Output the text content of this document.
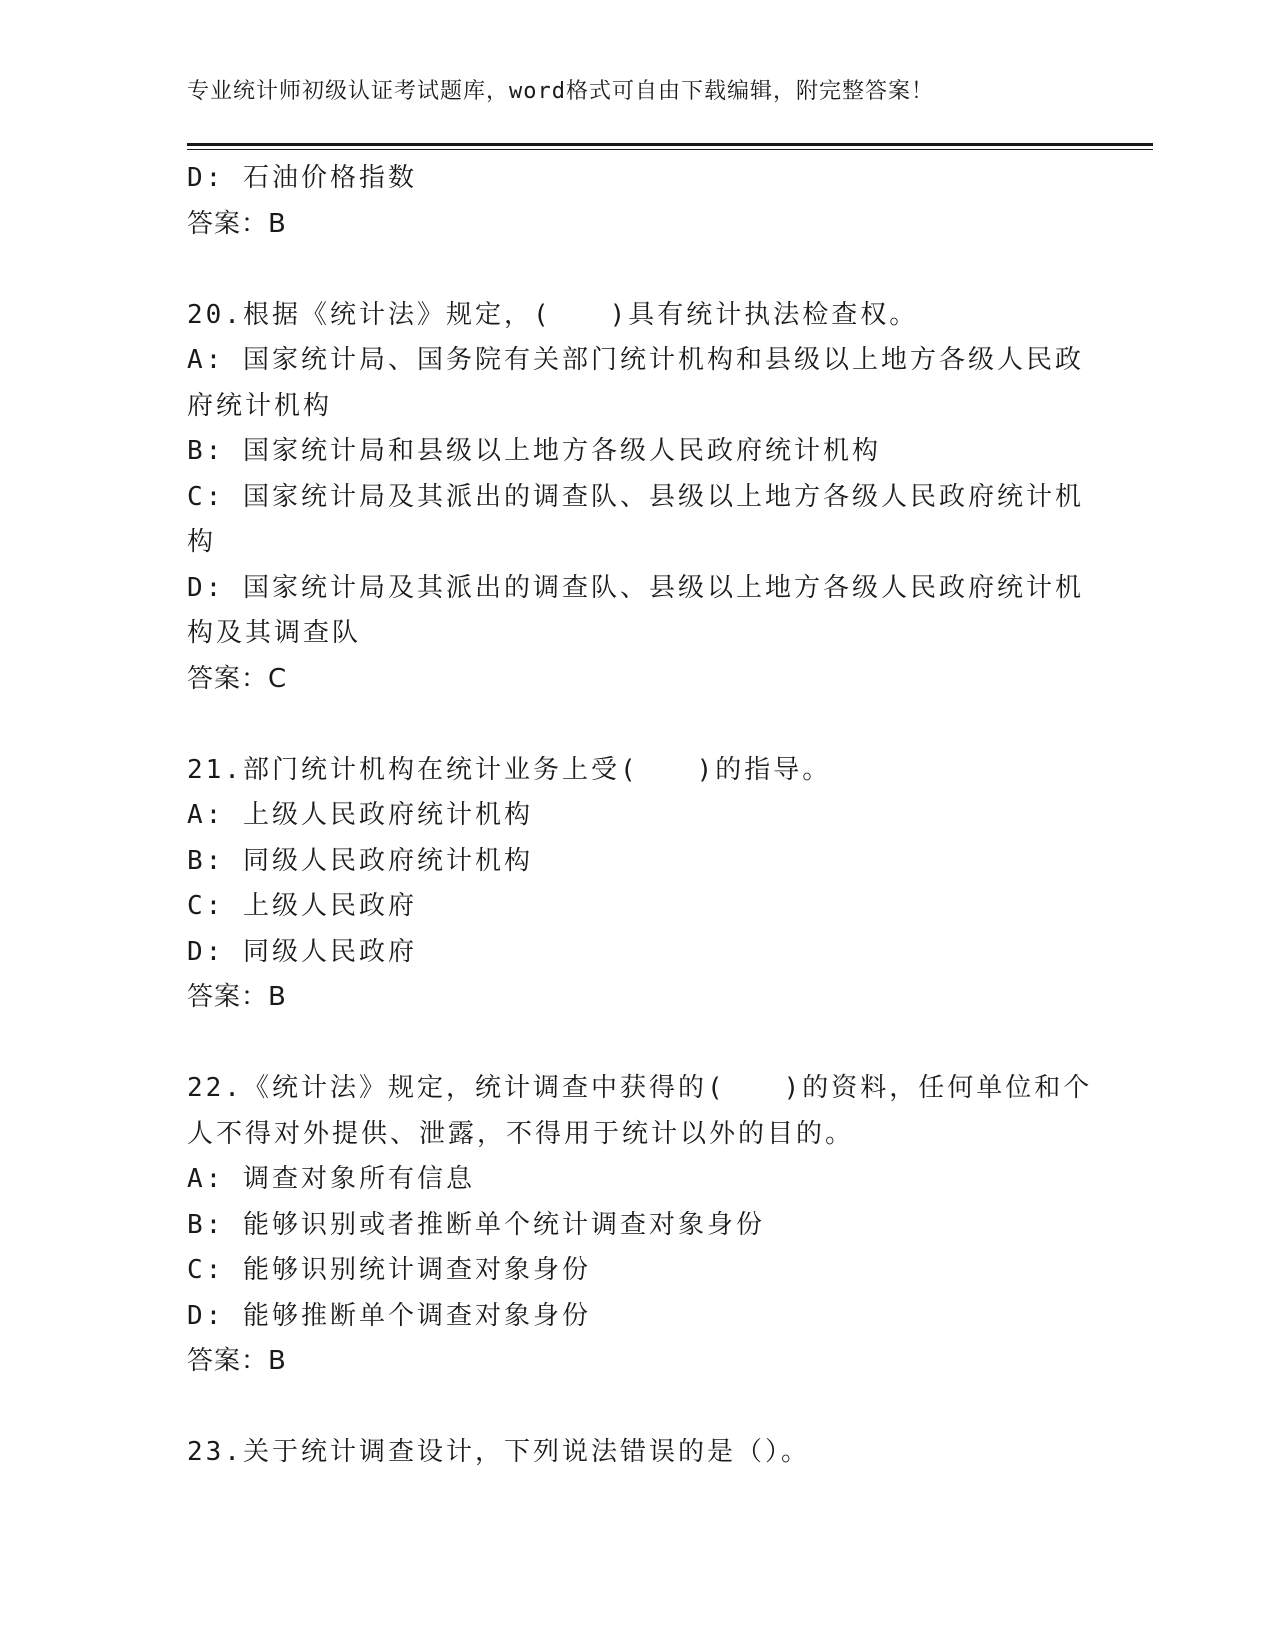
专业统计师初级认证考试题库，word格式可自由下载编辑，附完整答案！

D: 石油价格指数

答案：B

20.根据《统计法》规定，(　　)具有统计执法检查权。

A: 国家统计局、国务院有关部门统计机构和县级以上地方各级人民政

府统计机构

B: 国家统计局和县级以上地方各级人民政府统计机构

C: 国家统计局及其派出的调查队、县级以上地方各级人民政府统计机

构

D: 国家统计局及其派出的调查队、县级以上地方各级人民政府统计机

构及其调查队

答案：C

21.部门统计机构在统计业务上受(　　)的指导。

A: 上级人民政府统计机构

B: 同级人民政府统计机构

C: 上级人民政府

D: 同级人民政府

答案：B

22.《统计法》规定，统计调查中获得的(　　)的资料，任何单位和个

人不得对外提供、泄露，不得用于统计以外的目的。

A: 调查对象所有信息

B: 能够识别或者推断单个统计调查对象身份

C: 能够识别统计调查对象身份

D: 能够推断单个调查对象身份

答案：B

23.关于统计调查设计，下列说法错误的是（）。
